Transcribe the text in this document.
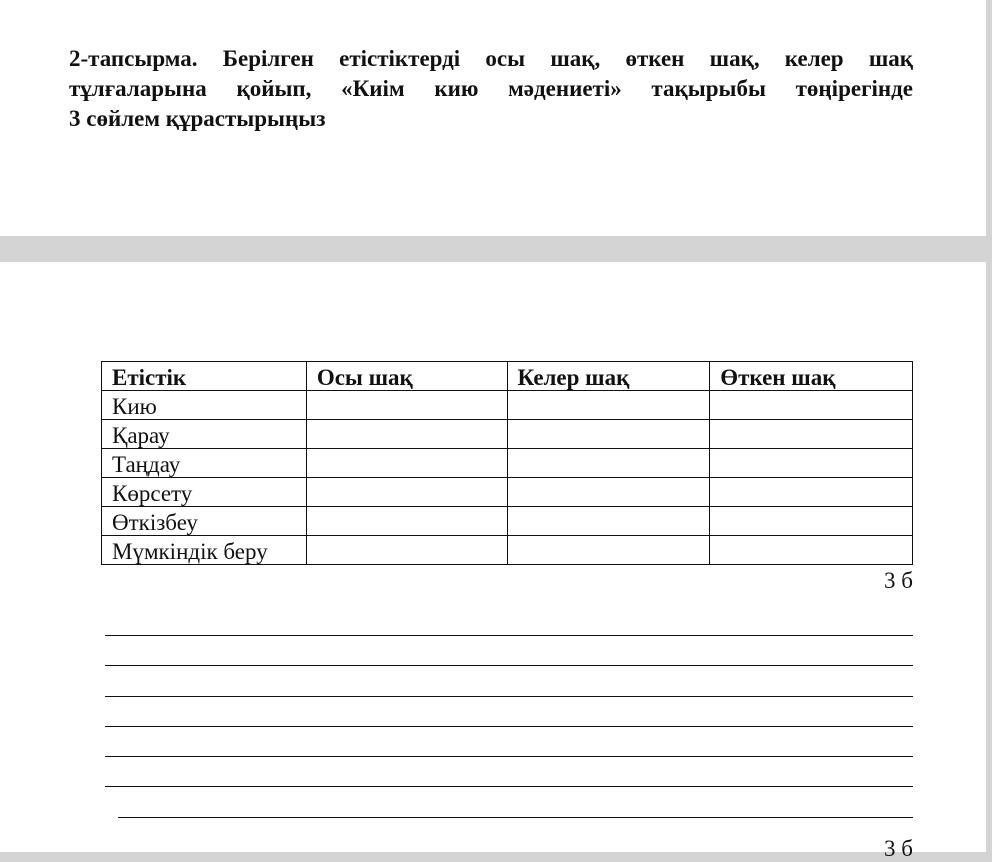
2-тапсырма. Берілген етістіктерді осы шақ, өткен шақ, келер шақ
тұлғаларына қойып, «Киім кию мәдениеті» тақырыбы төңірегінде
3 сөйлем құрастырыңыз

Етістік	Осы шақ	Келер шақ	Өткен шақ
Кию			
Қарау			
Таңдау			
Көрсету			
Өткізбеу			
Мүмкіндік беру			
3 б
3 б
